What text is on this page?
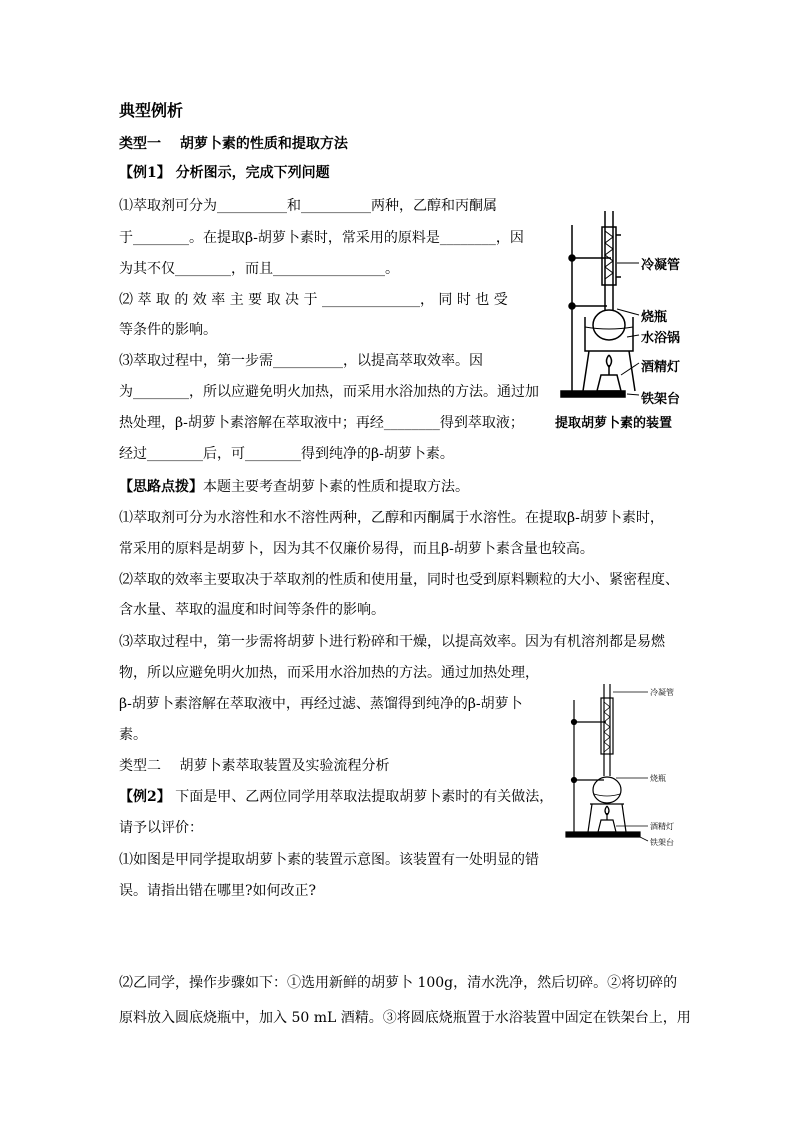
典型例析
类型一　 胡萝卜素的性质和提取方法
【例1】 分析图示，完成下列问题
⑴萃取剂可分为__________和__________两种，乙醇和丙酮属
于________。在提取β-胡萝卜素时，常采用的原料是________，因
为其不仅________，而且________________。
⑵ 萃 取 的 效 率 主 要 取 决 于 ______________， 同 时 也 受
等条件的影响。
⑶萃取过程中，第一步需__________，以提高萃取效率。因
为________，所以应避免明火加热，而采用水浴加热的方法。通过加
热处理，β-胡萝卜素溶解在萃取液中；再经________得到萃取液；
经过________后，可________得到纯净的β-胡萝卜素。
冷凝管
烧瓶
水浴锅
酒精灯
铁架台
提取胡萝卜素的装置
【思路点拨】本题主要考查胡萝卜素的性质和提取方法。
⑴萃取剂可分为水溶性和水不溶性两种，乙醇和丙酮属于水溶性。在提取β-胡萝卜素时，
常采用的原料是胡萝卜，因为其不仅廉价易得，而且β-胡萝卜素含量也较高。
⑵萃取的效率主要取决于萃取剂的性质和使用量，同时也受到原料颗粒的大小、紧密程度、
含水量、萃取的温度和时间等条件的影响。
⑶萃取过程中，第一步需将胡萝卜进行粉碎和干燥，以提高效率。因为有机溶剂都是易燃
物，所以应避免明火加热，而采用水浴加热的方法。通过加热处理，
β-胡萝卜素溶解在萃取液中，再经过滤、蒸馏得到纯净的β-胡萝卜
素。
类型二　 胡萝卜素萃取装置及实验流程分析
【例2】 下面是甲、乙两位同学用萃取法提取胡萝卜素时的有关做法，
请予以评价：
⑴如图是甲同学提取胡萝卜素的装置示意图。该装置有一处明显的错
误。请指出错在哪里?如何改正?
⑵乙同学，操作步骤如下：①选用新鲜的胡萝卜 100g，清水洗净，然后切碎。②将切碎的
原料放入圆底烧瓶中，加入 50 mL 酒精。③将圆底烧瓶置于水浴装置中固定在铁架台上，用
冷凝管
烧瓶
酒精灯
铁架台
